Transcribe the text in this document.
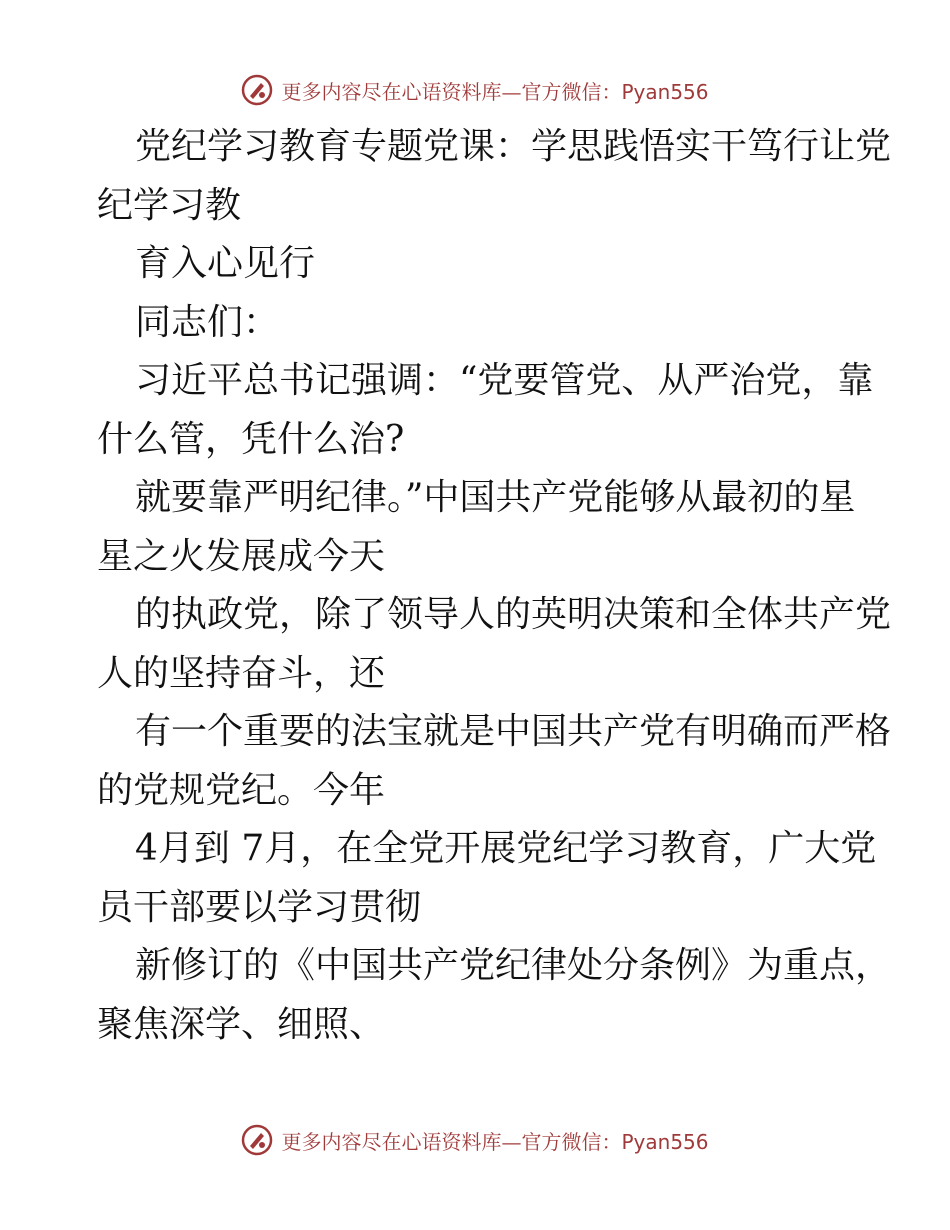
更多内容尽在心语资料库—官方微信：Pyan556

党纪学习教育专题党课：学思践悟实干笃行让党

纪学习教

育入心见行

同志们：

习近平总书记强调：“党要管党、从严治党，靠

什么管，凭什么治?

就要靠严明纪律。”中国共产党能够从最初的星

星之火发展成今天

的执政党，除了领导人的英明决策和全体共产党

人的坚持奋斗，还

有一个重要的法宝就是中国共产党有明确而严格

的党规党纪。今年

4月到 7月，在全党开展党纪学习教育，广大党

员干部要以学习贯彻

新修订的《中国共产党纪律处分条例》为重点，

聚焦深学、细照、

更多内容尽在心语资料库—官方微信：Pyan556
